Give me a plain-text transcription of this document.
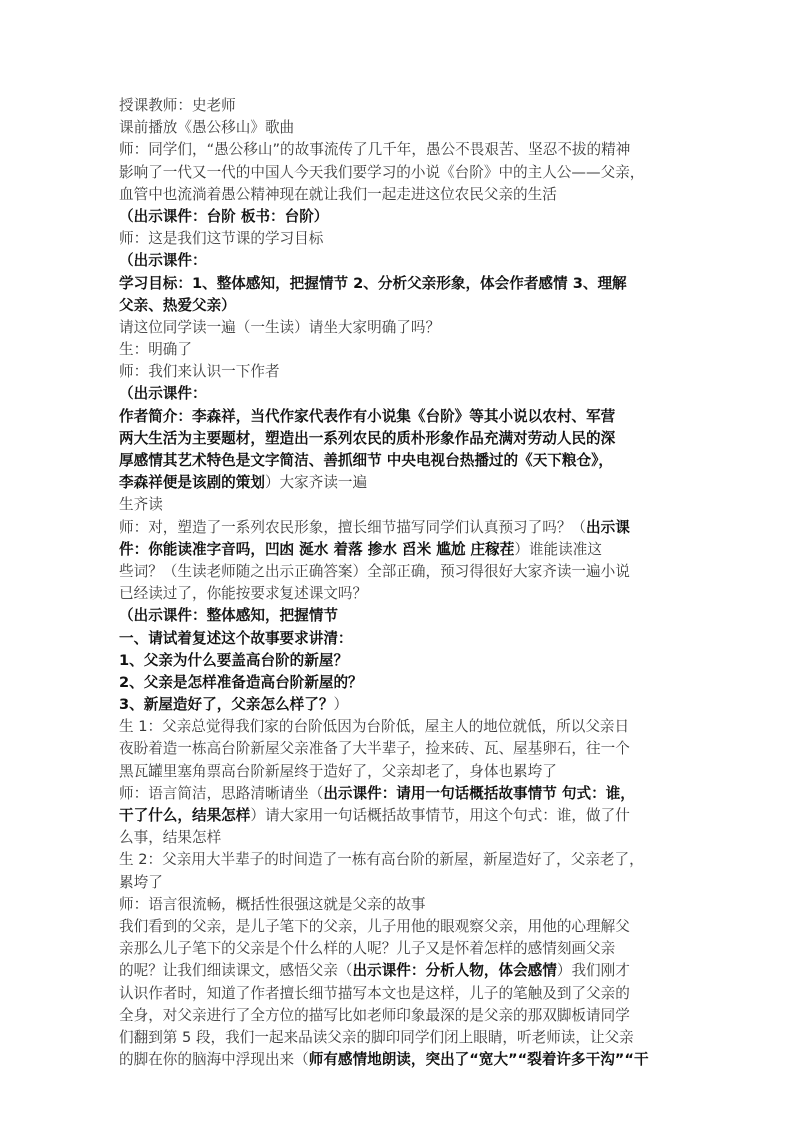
授课教师：史老师
课前播放《愚公移山》歌曲
师：同学们，“愚公移山”的故事流传了几千年，愚公不畏艰苦、坚忍不拔的精神
影响了一代又一代的中国人今天我们要学习的小说《台阶》中的主人公——父亲，
血管中也流淌着愚公精神现在就让我们一起走进这位农民父亲的生活
（出示课件：台阶 板书：台阶）
师：这是我们这节课的学习目标
（出示课件：
学习目标：1、整体感知，把握情节 2、分析父亲形象，体会作者感情 3、理解
父亲、热爱父亲）
请这位同学读一遍（一生读）请坐大家明确了吗？
生：明确了
师：我们来认识一下作者
（出示课件：
作者简介：李森祥，当代作家代表作有小说集《台阶》等其小说以农村、军营
两大生活为主要题材，塑造出一系列农民的质朴形象作品充满对劳动人民的深
厚感情其艺术特色是文字简洁、善抓细节 中央电视台热播过的《天下粮仓》，
李森祥便是该剧的策划）大家齐读一遍
生齐读
师：对，塑造了一系列农民形象，擅长细节描写同学们认真预习了吗？（出示课
件：你能读准字音吗，凹凼 涎水 着落 掺水 舀米 尴尬 庄稼茬）谁能读准这
些词？（生读老师随之出示正确答案）全部正确，预习得很好大家齐读一遍小说
已经读过了，你能按要求复述课文吗？
（出示课件：整体感知，把握情节
一、请试着复述这个故事要求讲清：
1、父亲为什么要盖高台阶的新屋？
2、父亲是怎样准备造高台阶新屋的？
3、新屋造好了，父亲怎么样了？）
生 1：父亲总觉得我们家的台阶低因为台阶低，屋主人的地位就低，所以父亲日
夜盼着造一栋高台阶新屋父亲准备了大半辈子，捡来砖、瓦、屋基卵石，往一个
黑瓦罐里塞角票高台阶新屋终于造好了，父亲却老了，身体也累垮了
师：语言简洁，思路清晰请坐（出示课件：请用一句话概括故事情节 句式：谁，
干了什么，结果怎样）请大家用一句话概括故事情节，用这个句式：谁，做了什
么事，结果怎样
生 2：父亲用大半辈子的时间造了一栋有高台阶的新屋，新屋造好了，父亲老了，
累垮了
师：语言很流畅，概括性很强这就是父亲的故事
我们看到的父亲，是儿子笔下的父亲，儿子用他的眼观察父亲，用他的心理解父
亲那么儿子笔下的父亲是个什么样的人呢？儿子又是怀着怎样的感情刻画父亲
的呢？让我们细读课文，感悟父亲（出示课件：分析人物，体会感情）我们刚才
认识作者时，知道了作者擅长细节描写本文也是这样，儿子的笔触及到了父亲的
全身，对父亲进行了全方位的描写比如老师印象最深的是父亲的那双脚板请同学
们翻到第 5 段，我们一起来品读父亲的脚印同学们闭上眼睛，听老师读，让父亲
的脚在你的脑海中浮现出来（师有感情地朗读，突出了“宽大”“裂着许多干沟”“干
